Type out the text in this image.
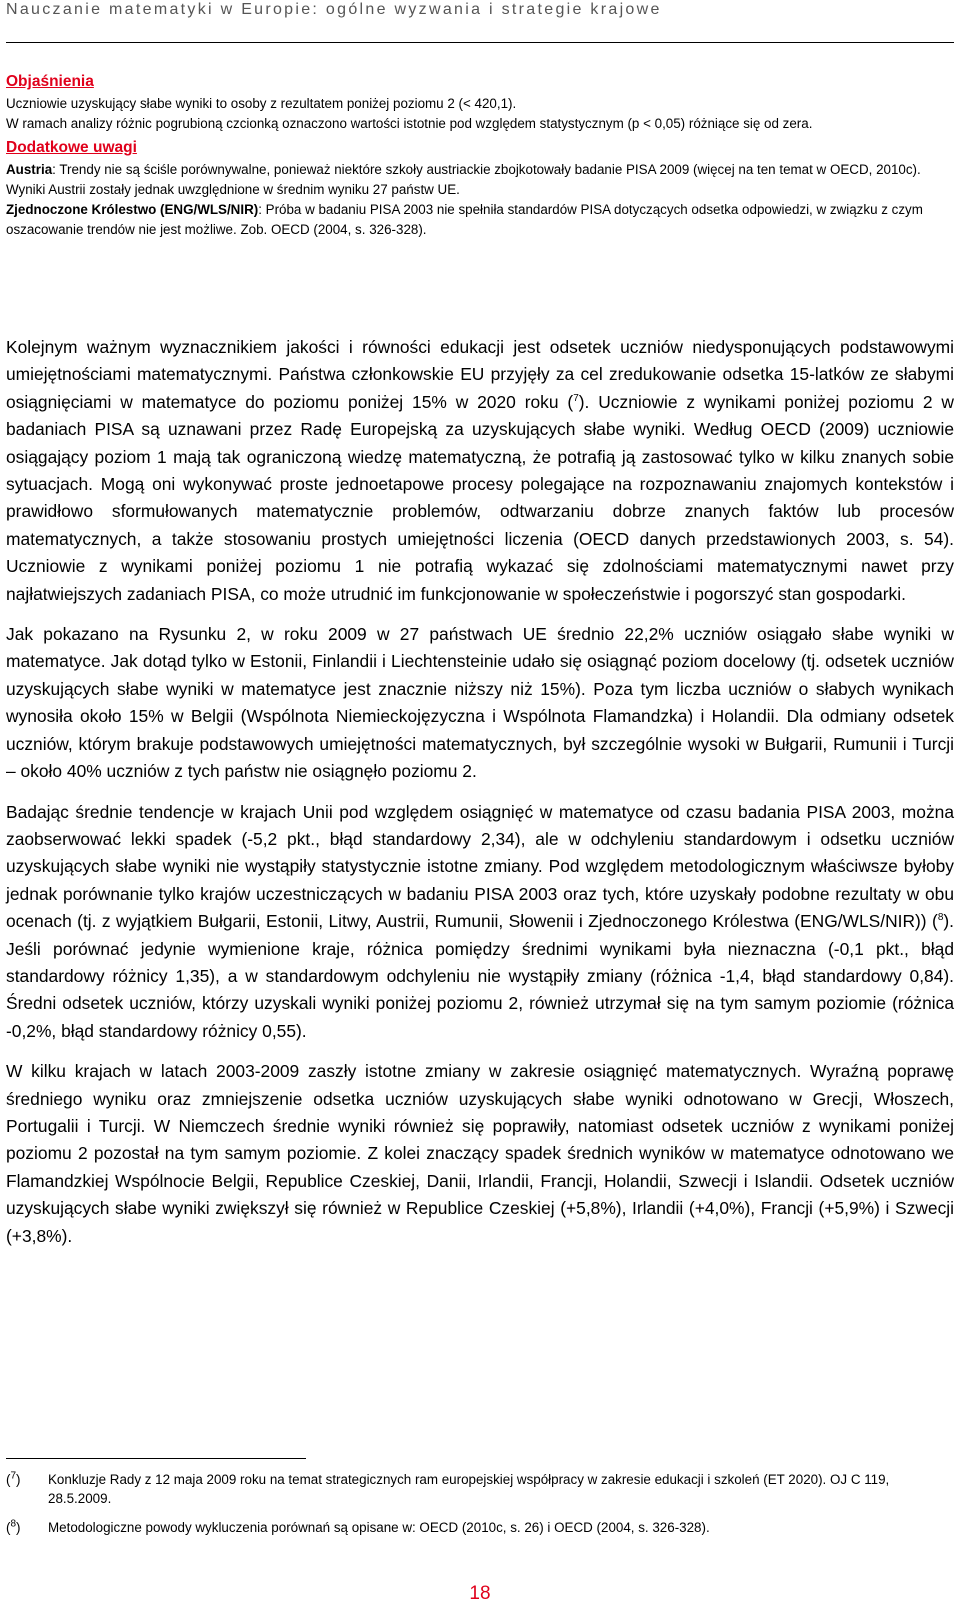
Nauczanie matematyki w Europie: ogólne wyzwania i strategie krajowe
Objaśnienia

Uczniowie uzyskujący słabe wyniki to osoby z rezultatem poniżej poziomu 2 (< 420,1).

W ramach analizy różnic pogrubioną czcionką oznaczono wartości istotnie pod względem statystycznym (p < 0,05) różniące się od zera.

Dodatkowe uwagi

Austria: Trendy nie są ściśle porównywalne, ponieważ niektóre szkoły austriackie zbojkotowały badanie PISA 2009 (więcej na ten temat w OECD, 2010c). Wyniki Austrii zostały jednak uwzględnione w średnim wyniku 27 państw UE.

Zjednoczone Królestwo (ENG/WLS/NIR): Próba w badaniu PISA 2003 nie spełniła standardów PISA dotyczących odsetka odpowiedzi, w związku z czym oszacowanie trendów nie jest możliwe. Zob. OECD (2004, s. 326-328).

Kolejnym ważnym wyznacznikiem jakości i równości edukacji jest odsetek uczniów niedysponujących podstawowymi umiejętnościami matematycznymi. Państwa członkowskie EU przyjęły za cel zredukowanie odsetka 15-latków ze słabymi osiągnięciami w matematyce do poziomu poniżej 15% w 2020 roku ($^7$). Uczniowie z wynikami poniżej poziomu 2 w badaniach PISA są uznawani przez Radę Europejską za uzyskujących słabe wyniki. Według OECD (2009) uczniowie osiągający poziom 1 mają tak ograniczoną wiedzę matematyczną, że potrafią ją zastosować tylko w kilku znanych sobie sytuacjach. Mogą oni wykonywać proste jednoetapowe procesy polegające na rozpoznawaniu znajomych kontekstów i prawidłowo sformułowanych matematycznie problemów, odtwarzaniu dobrze znanych faktów lub procesów matematycznych, a także stosowaniu prostych umiejętności liczenia (OECD danych przedstawionych 2003, s. 54). Uczniowie z wynikami poniżej poziomu 1 nie potrafią wykazać się zdolnościami matematycznymi nawet przy najłatwiejszych zadaniach PISA, co może utrudnić im funkcjonowanie w społeczeństwie i pogorszyć stan gospodarki.

Jak pokazano na Rysunku 2, w roku 2009 w 27 państwach UE średnio 22,2% uczniów osiągało słabe wyniki w matematyce. Jak dotąd tylko w Estonii, Finlandii i Liechtensteinie udało się osiągnąć poziom docelowy (tj. odsetek uczniów uzyskujących słabe wyniki w matematyce jest znacznie niższy niż 15%). Poza tym liczba uczniów o słabych wynikach wynosiła około 15% w Belgii (Wspólnota Niemieckojęzyczna i Wspólnota Flamandzka) i Holandii. Dla odmiany odsetek uczniów, którym brakuje podstawowych umiejętności matematycznych, był szczególnie wysoki w Bułgarii, Rumunii i Turcji – około 40% uczniów z tych państw nie osiągnęło poziomu 2.

Badając średnie tendencje w krajach Unii pod względem osiągnięć w matematyce od czasu badania PISA 2003, można zaobserwować lekki spadek (-5,2 pkt., błąd standardowy 2,34), ale w odchyleniu standardowym i odsetku uczniów uzyskujących słabe wyniki nie wystąpiły statystycznie istotne zmiany. Pod względem metodologicznym właściwsze byłoby jednak porównanie tylko krajów uczestniczących w badaniu PISA 2003 oraz tych, które uzyskały podobne rezultaty w obu ocenach (tj. z wyjątkiem Bułgarii, Estonii, Litwy, Austrii, Rumunii, Słowenii i Zjednoczonego Królestwa (ENG/WLS/NIR)) ($^8$). Jeśli porównać jedynie wymienione kraje, różnica pomiędzy średnimi wynikami była nieznaczna (-0,1 pkt., błąd standardowy różnicy 1,35), a w standardowym odchyleniu nie wystąpiły zmiany (różnica -1,4, błąd standardowy 0,84). Średni odsetek uczniów, którzy uzyskali wyniki poniżej poziomu 2, również utrzymał się na tym samym poziomie (różnica -0,2%, błąd standardowy różnicy 0,55).

W kilku krajach w latach 2003-2009 zaszły istotne zmiany w zakresie osiągnięć matematycznych. Wyraźną poprawę średniego wyniku oraz zmniejszenie odsetka uczniów uzyskujących słabe wyniki odnotowano w Grecji, Włoszech, Portugalii i Turcji. W Niemczech średnie wyniki również się poprawiły, natomiast odsetek uczniów z wynikami poniżej poziomu 2 pozostał na tym samym poziomie. Z kolei znaczący spadek średnich wyników w matematyce odnotowano we Flamandzkiej Wspólnocie Belgii, Republice Czeskiej, Danii, Irlandii, Francji, Holandii, Szwecji i Islandii. Odsetek uczniów uzyskujących słabe wyniki zwiększył się również w Republice Czeskiej (+5,8%), Irlandii (+4,0%), Francji (+5,9%) i Szwecji (+3,8%).

($^7$)	Konkluzje Rady z 12 maja 2009 roku na temat strategicznych ram europejskiej współpracy w zakresie edukacji i szkoleń (ET 2020). OJ C 119, 28.5.2009.
($^8$)	Metodologiczne powody wykluczenia porównań są opisane w: OECD (2010c, s. 26) i OECD (2004, s. 326-328).
18
